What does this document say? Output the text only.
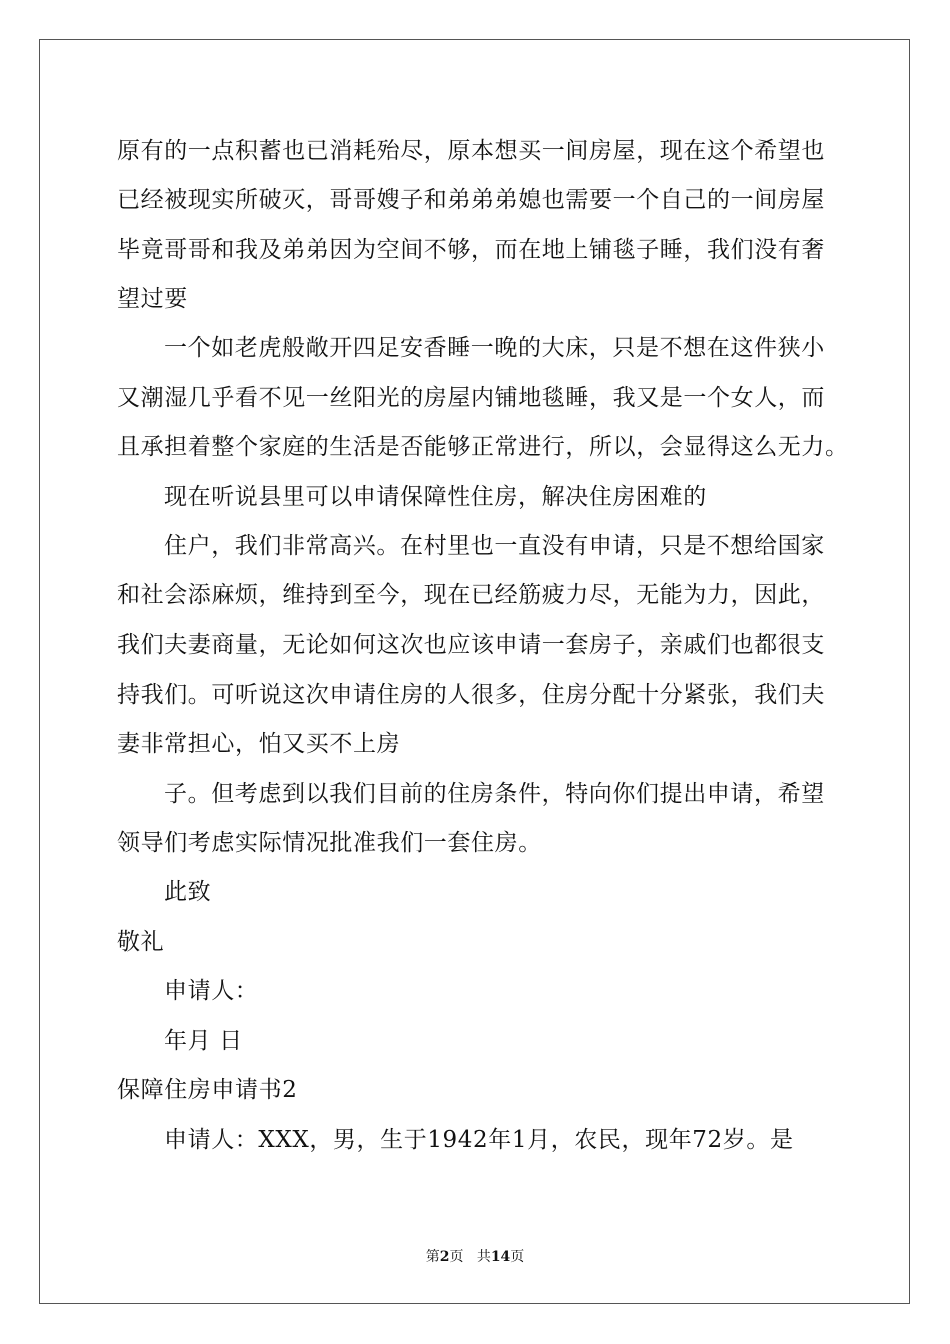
原有的一点积蓄也已消耗殆尽，原本想买一间房屋，现在这个希望也
已经被现实所破灭，哥哥嫂子和弟弟弟媳也需要一个自己的一间房屋
毕竟哥哥和我及弟弟因为空间不够，而在地上铺毯子睡，我们没有奢
望过要
一个如老虎般敞开四足安香睡一晚的大床，只是不想在这件狭小
又潮湿几乎看不见一丝阳光的房屋内铺地毯睡，我又是一个女人，而
且承担着整个家庭的生活是否能够正常进行，所以，会显得这么无力。
现在听说县里可以申请保障性住房，解决住房困难的
住户，我们非常高兴。在村里也一直没有申请，只是不想给国家
和社会添麻烦，维持到至今，现在已经筋疲力尽，无能为力，因此，
我们夫妻商量，无论如何这次也应该申请一套房子，亲戚们也都很支
持我们。可听说这次申请住房的人很多，住房分配十分紧张，我们夫
妻非常担心，怕又买不上房
子。但考虑到以我们目前的住房条件，特向你们提出申请，希望
领导们考虑实际情况批准我们一套住房。
此致
敬礼
申请人：
年月 日
保障住房申请书2
申请人：XXX，男，生于1942年1月，农民，现年72岁。是
第2页 共14页
